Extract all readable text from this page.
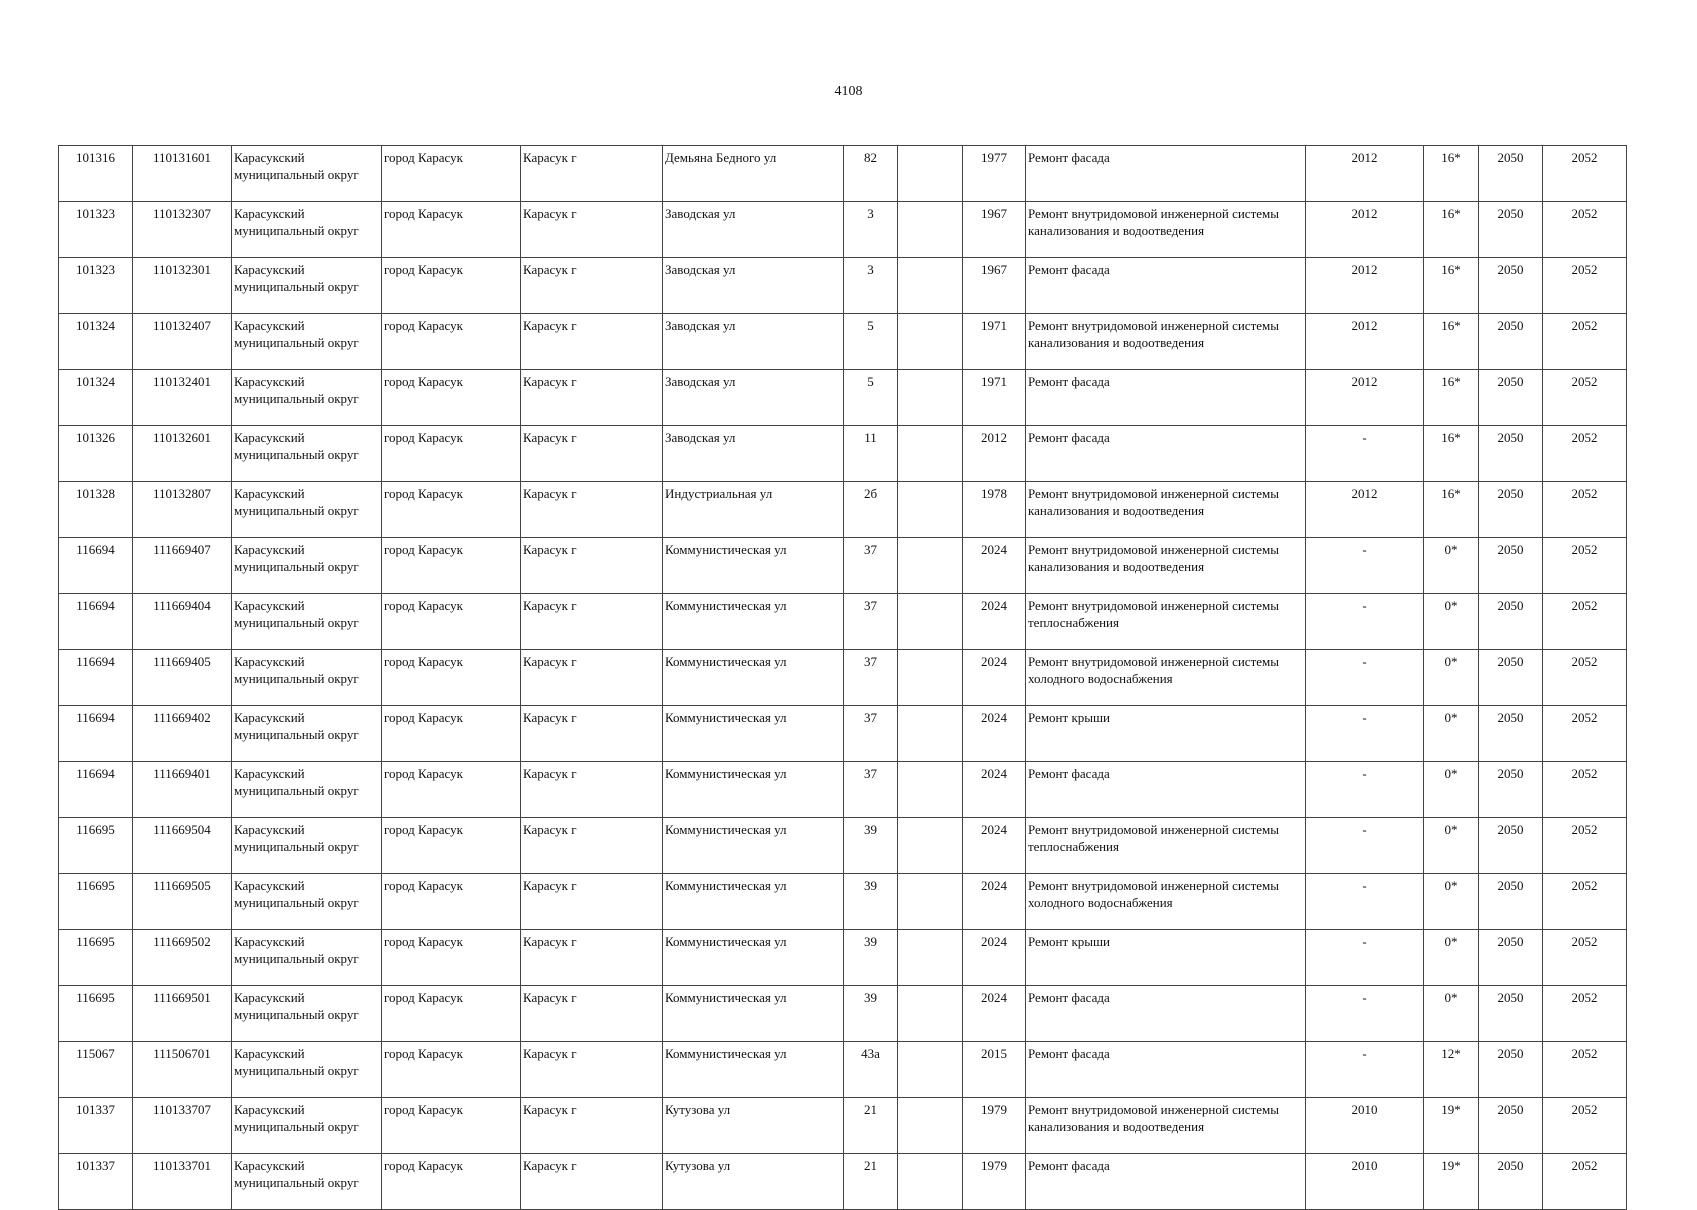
4108
101316	110131601	Карасукский муниципальный округ	город Карасук	Карасук г	Демьяна Бедного ул	82		1977	Ремонт фасада	2012	16*	2050	2052
101323	110132307	Карасукский муниципальный округ	город Карасук	Карасук г	Заводская ул	3		1967	Ремонт внутридомовой инженерной системы канализования и водоотведения	2012	16*	2050	2052
101323	110132301	Карасукский муниципальный округ	город Карасук	Карасук г	Заводская ул	3		1967	Ремонт фасада	2012	16*	2050	2052
101324	110132407	Карасукский муниципальный округ	город Карасук	Карасук г	Заводская ул	5		1971	Ремонт внутридомовой инженерной системы канализования и водоотведения	2012	16*	2050	2052
101324	110132401	Карасукский муниципальный округ	город Карасук	Карасук г	Заводская ул	5		1971	Ремонт фасада	2012	16*	2050	2052
101326	110132601	Карасукский муниципальный округ	город Карасук	Карасук г	Заводская ул	11		2012	Ремонт фасада	-	16*	2050	2052
101328	110132807	Карасукский муниципальный округ	город Карасук	Карасук г	Индустриальная ул	2б		1978	Ремонт внутридомовой инженерной системы канализования и водоотведения	2012	16*	2050	2052
116694	111669407	Карасукский муниципальный округ	город Карасук	Карасук г	Коммунистическая ул	37		2024	Ремонт внутридомовой инженерной системы канализования и водоотведения	-	0*	2050	2052
116694	111669404	Карасукский муниципальный округ	город Карасук	Карасук г	Коммунистическая ул	37		2024	Ремонт внутридомовой инженерной системы теплоснабжения	-	0*	2050	2052
116694	111669405	Карасукский муниципальный округ	город Карасук	Карасук г	Коммунистическая ул	37		2024	Ремонт внутридомовой инженерной системы холодного водоснабжения	-	0*	2050	2052
116694	111669402	Карасукский муниципальный округ	город Карасук	Карасук г	Коммунистическая ул	37		2024	Ремонт крыши	-	0*	2050	2052
116694	111669401	Карасукский муниципальный округ	город Карасук	Карасук г	Коммунистическая ул	37		2024	Ремонт фасада	-	0*	2050	2052
116695	111669504	Карасукский муниципальный округ	город Карасук	Карасук г	Коммунистическая ул	39		2024	Ремонт внутридомовой инженерной системы теплоснабжения	-	0*	2050	2052
116695	111669505	Карасукский муниципальный округ	город Карасук	Карасук г	Коммунистическая ул	39		2024	Ремонт внутридомовой инженерной системы холодного водоснабжения	-	0*	2050	2052
116695	111669502	Карасукский муниципальный округ	город Карасук	Карасук г	Коммунистическая ул	39		2024	Ремонт крыши	-	0*	2050	2052
116695	111669501	Карасукский муниципальный округ	город Карасук	Карасук г	Коммунистическая ул	39		2024	Ремонт фасада	-	0*	2050	2052
115067	111506701	Карасукский муниципальный округ	город Карасук	Карасук г	Коммунистическая ул	43а		2015	Ремонт фасада	-	12*	2050	2052
101337	110133707	Карасукский муниципальный округ	город Карасук	Карасук г	Кутузова ул	21		1979	Ремонт внутридомовой инженерной системы канализования и водоотведения	2010	19*	2050	2052
101337	110133701	Карасукский муниципальный округ	город Карасук	Карасук г	Кутузова ул	21		1979	Ремонт фасада	2010	19*	2050	2052
